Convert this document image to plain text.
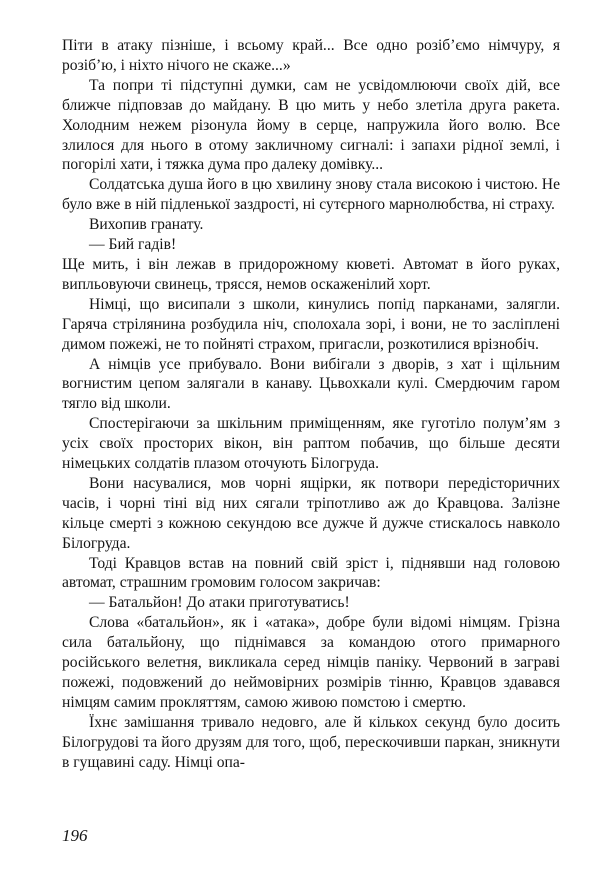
Піти в атаку пізніше, і всьому край... Все одно розіб’ємо німчуру, я розіб’ю, і ніхто нічого не скаже...»

Та попри ті підступні думки, сам не усвідомлюючи своїх дій, все ближче підповзав до майдану. В цю мить у небо злетіла друга ракета. Холодним нежем різонула йому в серце, напружила його волю. Все злилося для нього в отому закличному сигналі: і запахи рідної землі, і погорілі хати, і тяжка дума про далеку домівку...

Солдатська душа його в цю хвилину знову стала високою і чистою. Не було вже в ній підленької заздрості, ні сутєрного марнолюбства, ні страху.

Вихопив гранату.

— Бий гадів!

Ще мить, і він лежав в придорожному кюветі. Автомат в його руках, випльовуючи свинець, трясся, немов оскаженілий хорт.

Німці, що висипали з школи, кинулись попід парканами, залягли. Гаряча стрілянина розбудила ніч, сполохала зорі, і вони, не то засліплені димом пожежі, не то пойняті страхом, пригасли, розкотилися врізнобіч.

А німців усе прибувало. Вони вибігали з дворів, з хат і щільним вогнистим цепом залягали в канаву. Цьвохкали кулі. Смердючим гаром тягло від школи.

Спостерігаючи за шкільним приміщенням, яке гуготіло полум’ям з усіх своїх просторих вікон, він раптом побачив, що більше десяти німецьких солдатів плазом оточують Білогруда.

Вони насувалися, мов чорні ящірки, як потвори передісторичних часів, і чорні тіні від них сягали тріпотливо аж до Кравцова. Залізне кільце смерті з кожною секундою все дужче й дужче стискалось навколо Білогруда.

Тоді Кравцов встав на повний свій зріст і, піднявши над головою автомат, страшним громовим голосом закричав:

— Батальйон! До атаки приготуватись!

Слова «батальйон», як і «атака», добре були відомі німцям. Грізна сила батальйону, що піднімався за командою отого примарного російського велетня, викликала серед німців паніку. Червоний в заграві пожежі, подовжений до неймовірних розмірів тінню, Кравцов здавався німцям самим прокляттям, самою живою помстою і смертю.

Їхнє замішання тривало недовго, але й кількох секунд було досить Білогрудові та його друзям для того, щоб, перескочивши паркан, зникнути в гущавині саду. Німці опа-

196
